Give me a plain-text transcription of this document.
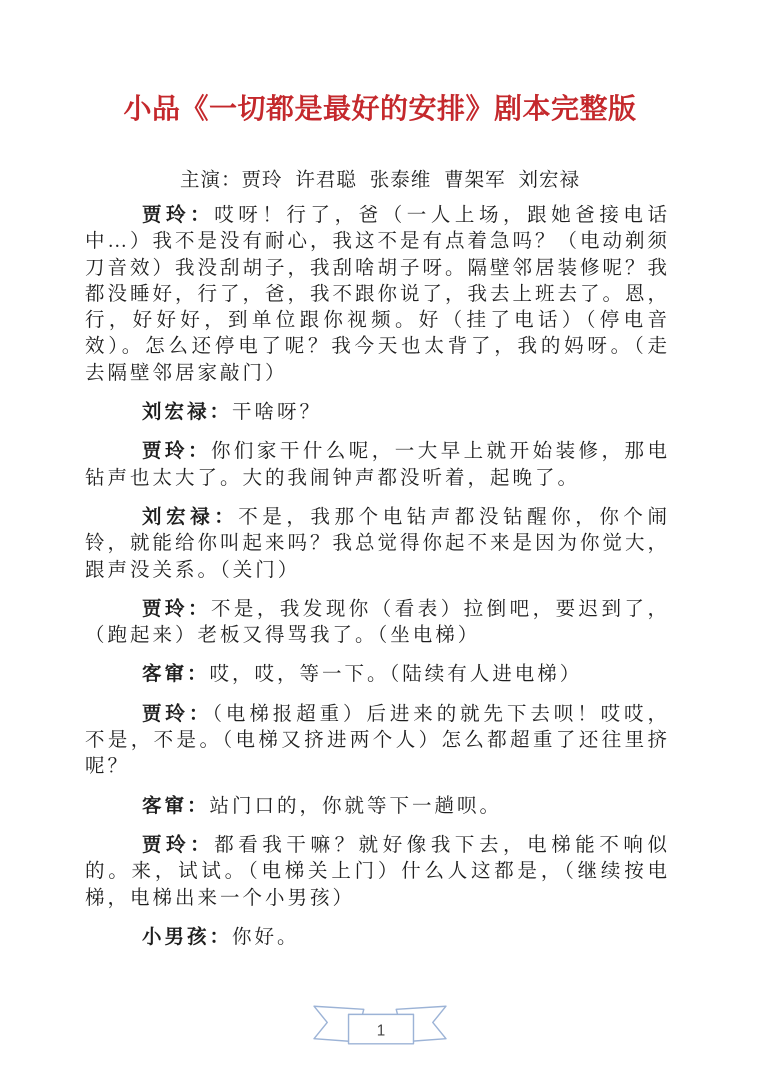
小品《一切都是最好的安排》剧本完整版
主演：贾玲 许君聪 张泰维 曹架军 刘宏禄

贾玲：哎呀！行了，爸（一人上场，跟她爸接电话中…）我不是没有耐心，我这不是有点着急吗？（电动剃须刀音效）我没刮胡子，我刮啥胡子呀。隔壁邻居装修呢？我都没睡好，行了，爸，我不跟你说了，我去上班去了。恩，行，好好好，到单位跟你视频。好（挂了电话）（停电音效）。怎么还停电了呢？我今天也太背了，我的妈呀。（走去隔壁邻居家敲门）

刘宏禄：干啥呀？

贾玲：你们家干什么呢，一大早上就开始装修，那电钻声也太大了。大的我闹钟声都没听着，起晚了。

刘宏禄：不是，我那个电钻声都没钻醒你，你个闹铃，就能给你叫起来吗？我总觉得你起不来是因为你觉大，跟声没关系。（关门）

贾玲：不是，我发现你（看表）拉倒吧，要迟到了，（跑起来）老板又得骂我了。（坐电梯）

客窜：哎，哎，等一下。（陆续有人进电梯）

贾玲：（电梯报超重）后进来的就先下去呗！哎哎，不是，不是。（电梯又挤进两个人）怎么都超重了还往里挤呢？

客窜：站门口的，你就等下一趟呗。

贾玲：都看我干嘛？就好像我下去，电梯能不响似的。来，试试。（电梯关上门）什么人这都是，（继续按电梯，电梯出来一个小男孩）

小男孩：你好。

1
